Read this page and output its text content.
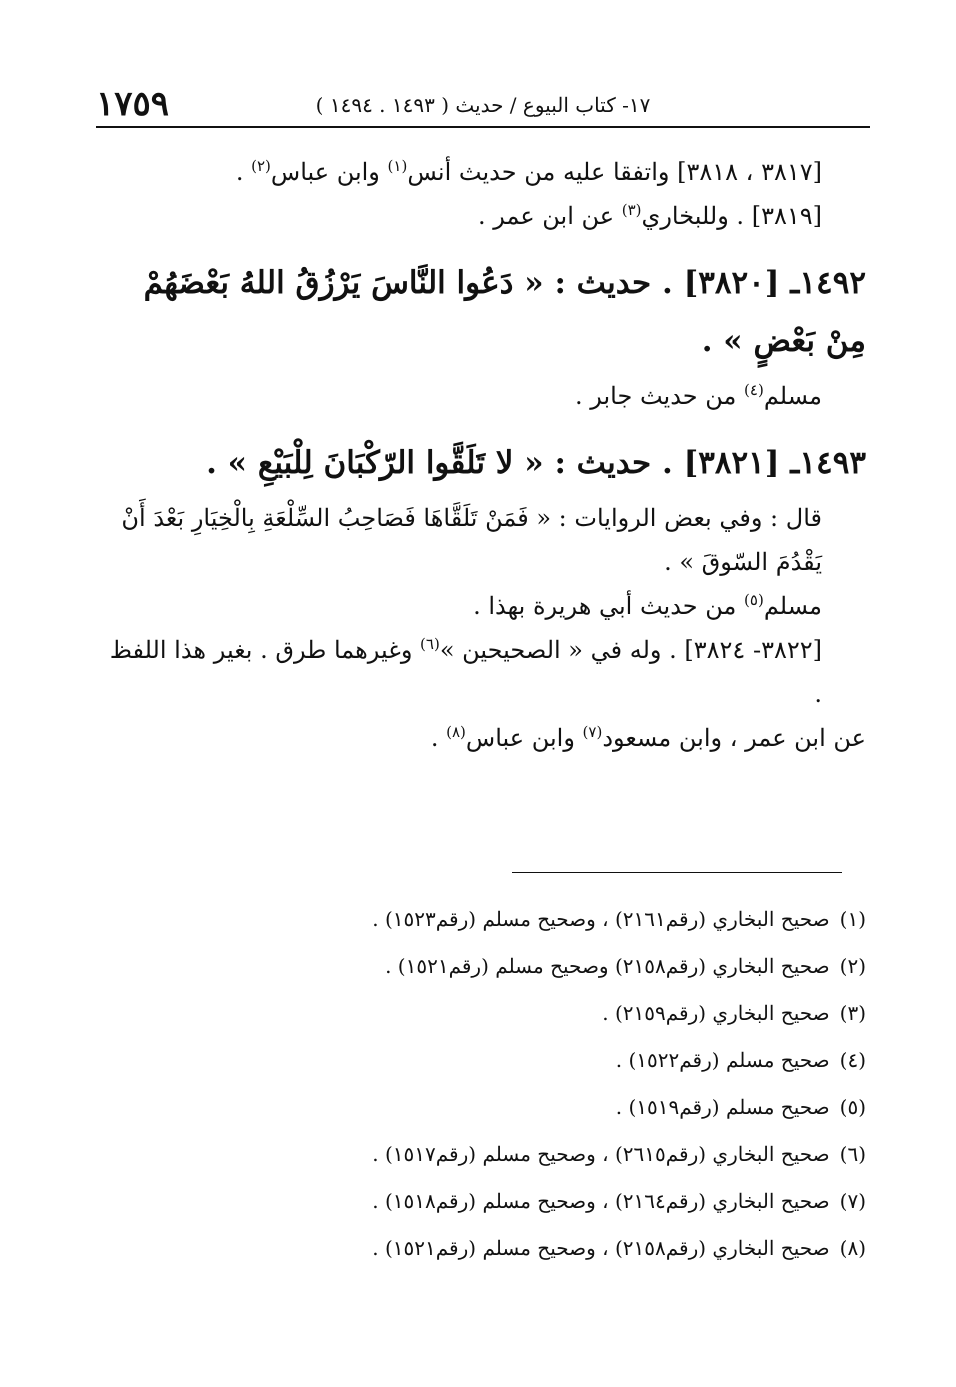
١٧٥٩	١٧- كتاب البيوع / حديث ( ١٤٩٣ . ١٤٩٤ )

[٣٨١٧ ، ٣٨١٨] واتفقا عليه من حديث أنس$^{(١)}$ وابن عباس$^{(٢)}$ .

[٣٨١٩] . وللبخاري$^{(٣)}$ عن ابن عمر .

١٤٩٢ـ [٣٨٢٠] . حديث : « دَعُوا النَّاسَ يَرْزُقُ اللهُ بَعْضَهُمْ مِنْ بَعْضٍ » .

مسلم$^{(٤)}$ من حديث جابر .

١٤٩٣ـ [٣٨٢١] . حديث : « لا تَلَقَّوا الرّكْبَانَ لِلْبَيْعِ » .

قال : وفي بعض الروايات : « فَمَنْ تَلَقَّاهَا فَصَاحِبُ السِّلْعَةِ بِالْخِيَارِ بَعْدَ أَنْ يَقْدُمَ السّوقَ » .

مسلم$^{(٥)}$ من حديث أبي هريرة بهذا .

[٣٨٢٢- ٣٨٢٤] . وله في « الصحيحين »$^{(٦)}$ وغيرهما طرق . بغير هذا اللفظ .

عن ابن عمر ، وابن مسعود$^{(٧)}$ وابن عباس$^{(٨)}$ .

(١)صحيح البخاري (رقم٢١٦١) ، وصحيح مسلم (رقم١٥٢٣) .

(٢)صحيح البخاري (رقم٢١٥٨) وصحيح مسلم (رقم١٥٢١) .

(٣)صحيح البخاري (رقم٢١٥٩) .

(٤)صحيح مسلم (رقم١٥٢٢) .

(٥)صحيح مسلم (رقم١٥١٩) .

(٦)صحيح البخاري (رقم٢٦١٥) ، وصحيح مسلم (رقم١٥١٧) .

(٧)صحيح البخاري (رقم٢١٦٤) ، وصحيح مسلم (رقم١٥١٨) .

(٨)صحيح البخاري (رقم٢١٥٨) ، وصحيح مسلم (رقم١٥٢١) .
